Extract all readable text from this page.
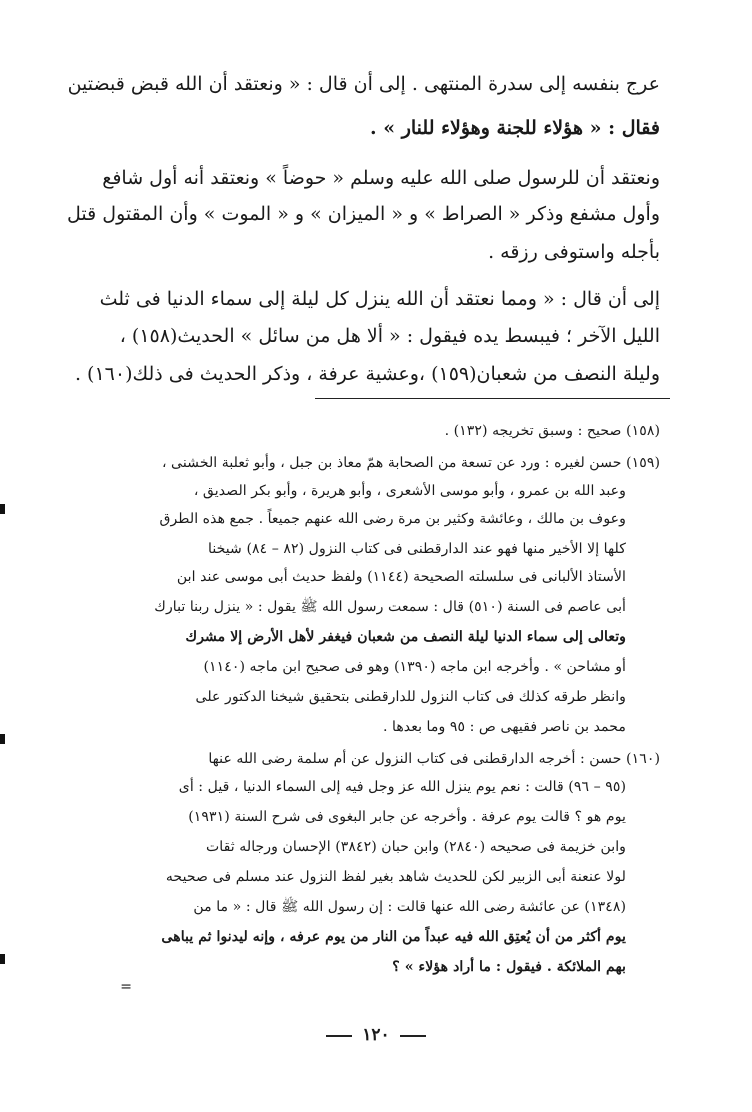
عرج بنفسه إلى سدرة المنتهى . إلى أن قال : « ونعتقد أن الله قبض قبضتين
فقال : « هؤلاء للجنة وهؤلاء للنار » .
ونعتقد أن للرسول صلى الله عليه وسلم « حوضاً » ونعتقد أنه أول شافع
وأول مشفع وذكر « الصراط » و « الميزان » و « الموت » وأن المقتول قتل
بأجله واستوفى رزقه .
إلى أن قال : « ومما نعتقد أن الله ينزل كل ليلة إلى سماء الدنيا فى ثلث
الليل الآخر ؛ فيبسط يده فيقول : « ألا هل من سائل » الحديث(١٥٨) ،
وليلة النصف من شعبان(١٥٩) ،وعشية عرفة ، وذكر الحديث فى ذلك(١٦٠) .
(١٥٨) صحيح : وسبق تخريجه (١٣٢) .
(١٥٩) حسن لغيره : ورد عن تسعة من الصحابة همّ معاذ بن جبل ، وأبو ثعلبة الخشنى ،
وعبد الله بن عمرو ، وأبو موسى الأشعرى ، وأبو هريرة ، وأبو بكر الصديق ،
وعوف بن مالك ، وعائشة وكثير بن مرة رضى الله عنهم جميعاً . جمع هذه الطرق
كلها إلا الأخير منها فهو عند الدارقطنى فى كتاب النزول (٨٢ – ٨٤) شيخنا
الأستاذ الألبانى فى سلسلته الصحيحة (١١٤٤) ولفظ حديث أبى موسى عند ابن
أبى عاصم فى السنة (٥١٠) قال : سمعت رسول الله ﷺ يقول : « ينزل ربنا تبارك
وتعالى إلى سماء الدنيا ليلة النصف من شعبان فيغفر لأهل الأرض إلا مشرك
أو مشاحن » . وأخرجه ابن ماجه (١٣٩٠) وهو فى صحيح ابن ماجه (١١٤٠)
وانظر طرقه كذلك فى كتاب النزول للدارقطنى بتحقيق شيخنا الدكتور على
محمد بن ناصر فقيهى ص : ٩٥ وما بعدها .
(١٦٠) حسن : أخرجه الدارقطنى فى كتاب النزول عن أم سلمة رضى الله عنها
(٩٥ – ٩٦) قالت : نعم يوم ينزل الله عز وجل فيه إلى السماء الدنيا ، قيل : أى
يوم هو ؟ قالت يوم عرفة . وأخرجه عن جابر البغوى فى شرح السنة (١٩٣١)
وابن خزيمة فى صحيحه (٢٨٤٠) وابن حبان (٣٨٤٢) الإحسان ورجاله ثقات
لولا عنعنة أبى الزبير لكن للحديث شاهد بغير لفظ النزول عند مسلم فى صحيحه
(١٣٤٨) عن عائشة رضى الله عنها قالت : إن رسول الله ﷺ قال : « ما من
يوم أكثر من أن يُعتِق الله فيه عبداً من النار من يوم عرفه ، وإنه ليدنوا ثم يباهى
بهم الملائكة . فيقول : ما أراد هؤلاء » ؟
=
١٢٠
